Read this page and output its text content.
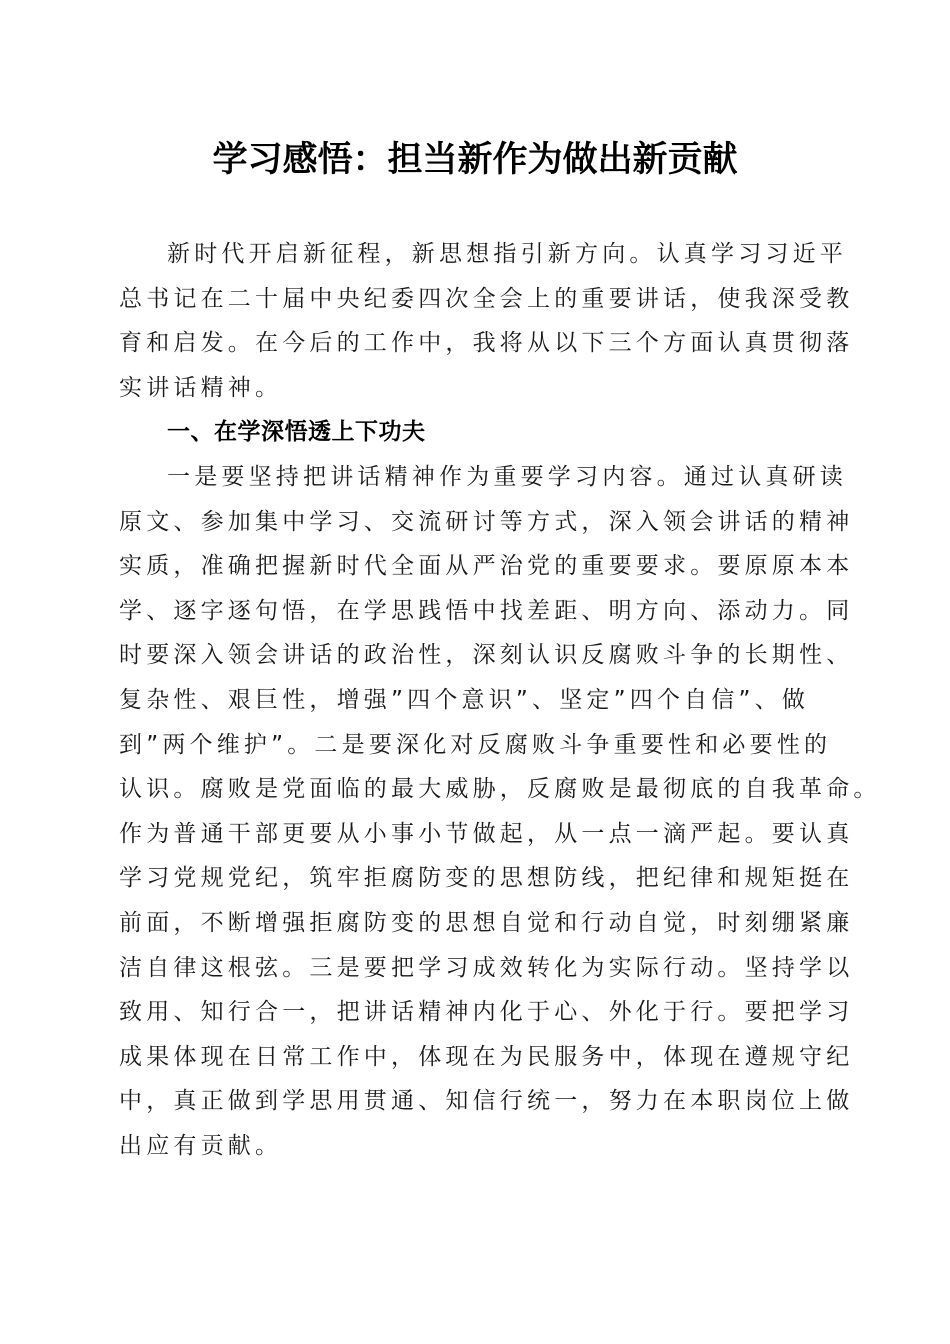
学习感悟：担当新作为做出新贡献
新时代开启新征程，新思想指引新方向。认真学习习近平
总书记在二十届中央纪委四次全会上的重要讲话，使我深受教
育和启发。在今后的工作中，我将从以下三个方面认真贯彻落
实讲话精神。
一、在学深悟透上下功夫
一是要坚持把讲话精神作为重要学习内容。通过认真研读
原文、参加集中学习、交流研讨等方式，深入领会讲话的精神
实质，准确把握新时代全面从严治党的重要要求。要原原本本
学、逐字逐句悟，在学思践悟中找差距、明方向、添动力。同
时要深入领会讲话的政治性，深刻认识反腐败斗争的长期性、
复杂性、艰巨性，增强”四个意识”、坚定”四个自信”、做
到”两个维护”。二是要深化对反腐败斗争重要性和必要性的
认识。腐败是党面临的最大威胁，反腐败是最彻底的自我革命。
作为普通干部更要从小事小节做起，从一点一滴严起。要认真
学习党规党纪，筑牢拒腐防变的思想防线，把纪律和规矩挺在
前面，不断增强拒腐防变的思想自觉和行动自觉，时刻绷紧廉
洁自律这根弦。三是要把学习成效转化为实际行动。坚持学以
致用、知行合一，把讲话精神内化于心、外化于行。要把学习
成果体现在日常工作中，体现在为民服务中，体现在遵规守纪
中，真正做到学思用贯通、知信行统一，努力在本职岗位上做
出应有贡献。
